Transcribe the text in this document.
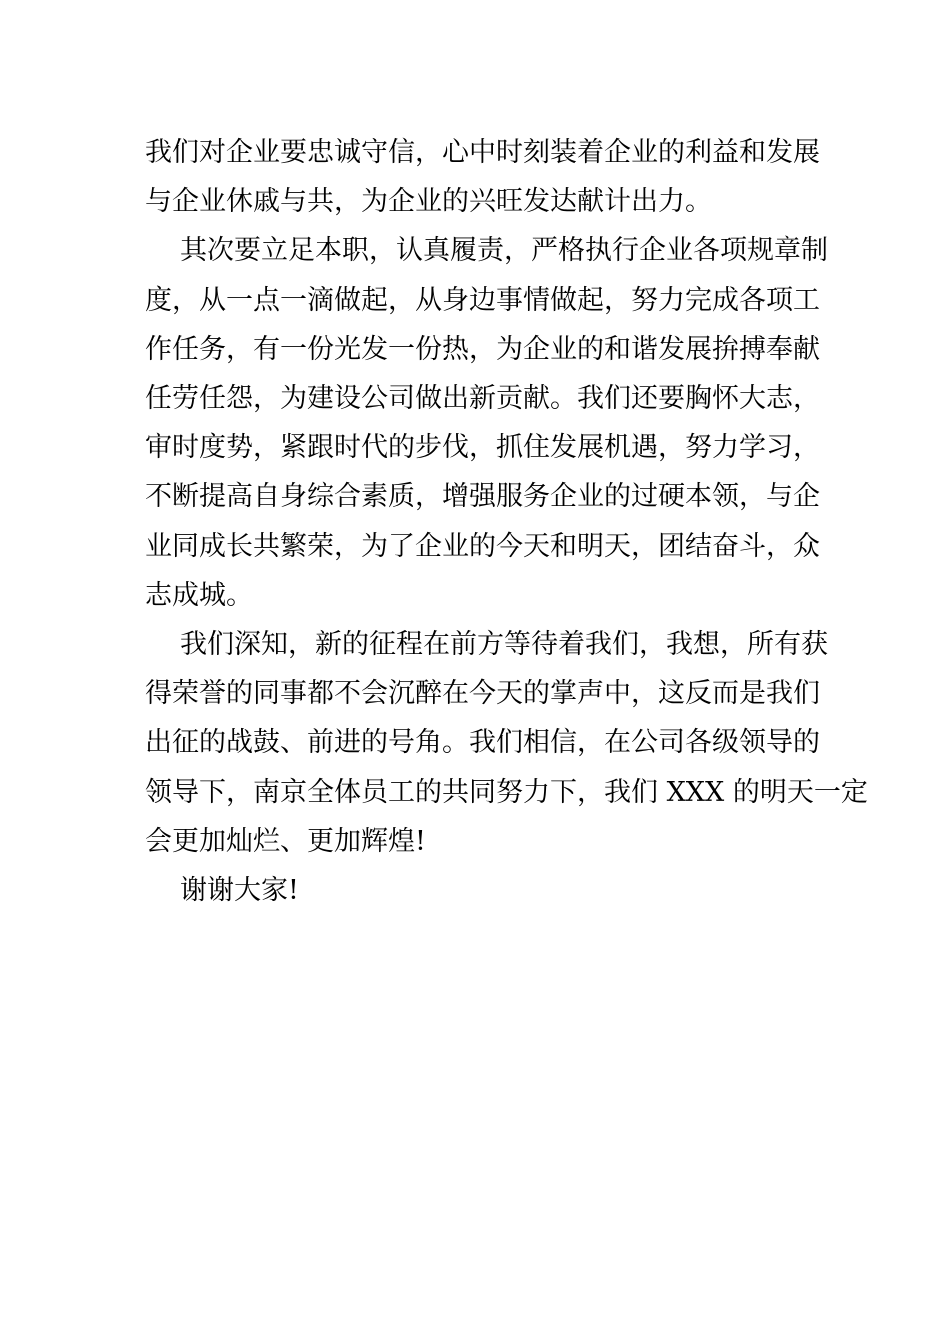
我们对企业要忠诚守信，心中时刻装着企业的利益和发展
与企业休戚与共，为企业的兴旺发达献计出力。
其次要立足本职，认真履责，严格执行企业各项规章制
度，从一点一滴做起，从身边事情做起，努力完成各项工
作任务，有一份光发一份热，为企业的和谐发展拚搏奉献
任劳任怨，为建设公司做出新贡献。我们还要胸怀大志，
审时度势，紧跟时代的步伐，抓住发展机遇，努力学习，
不断提高自身综合素质，增强服务企业的过硬本领，与企
业同成长共繁荣，为了企业的今天和明天，团结奋斗，众
志成城。
我们深知，新的征程在前方等待着我们，我想，所有获
得荣誉的同事都不会沉醉在今天的掌声中，这反而是我们
出征的战鼓、前进的号角。我们相信，在公司各级领导的
领导下，南京全体员工的共同努力下，我们 XXX 的明天一定
会更加灿烂、更加辉煌!
谢谢大家!
